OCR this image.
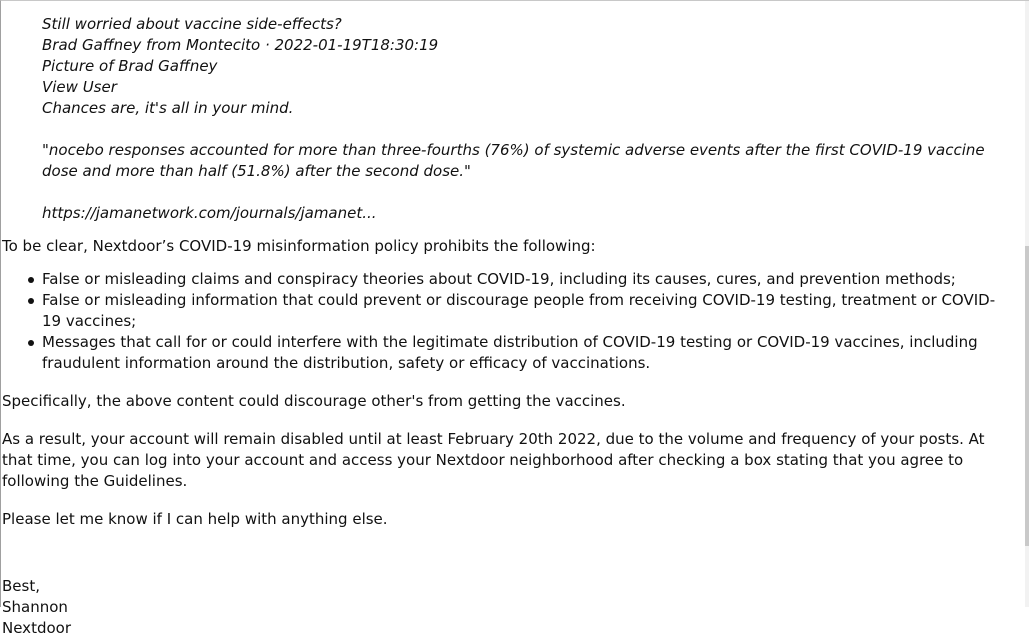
Still worried about vaccine side-effects?

Brad Gaffney from Montecito · 2022-01-19T18:30:19

Picture of Brad Gaffney

View User

Chances are, it's all in your mind.

"nocebo responses accounted for more than three-fourths (76%) of systemic adverse events after the first COVID-19 vaccine dose and more than half (51.8%) after the second dose."

https://jamanetwork.com/journals/jamanet...

To be clear, Nextdoor’s COVID-19 misinformation policy prohibits the following:

False or misleading claims and conspiracy theories about COVID-19, including its causes, cures, and prevention methods;
False or misleading information that could prevent or discourage people from receiving COVID-19 testing, treatment or COVID-19 vaccines;
Messages that call for or could interfere with the legitimate distribution of COVID-19 testing or COVID-19 vaccines, including fraudulent information around the distribution, safety or efficacy of vaccinations.

Specifically, the above content could discourage other's from getting the vaccines.

As a result, your account will remain disabled until at least February 20th 2022, due to the volume and frequency of your posts. At that time, you can log into your account and access your Nextdoor neighborhood after checking a box stating that you agree to following the Guidelines.

Please let me know if I can help with anything else.

Best,

Shannon

Nextdoor
